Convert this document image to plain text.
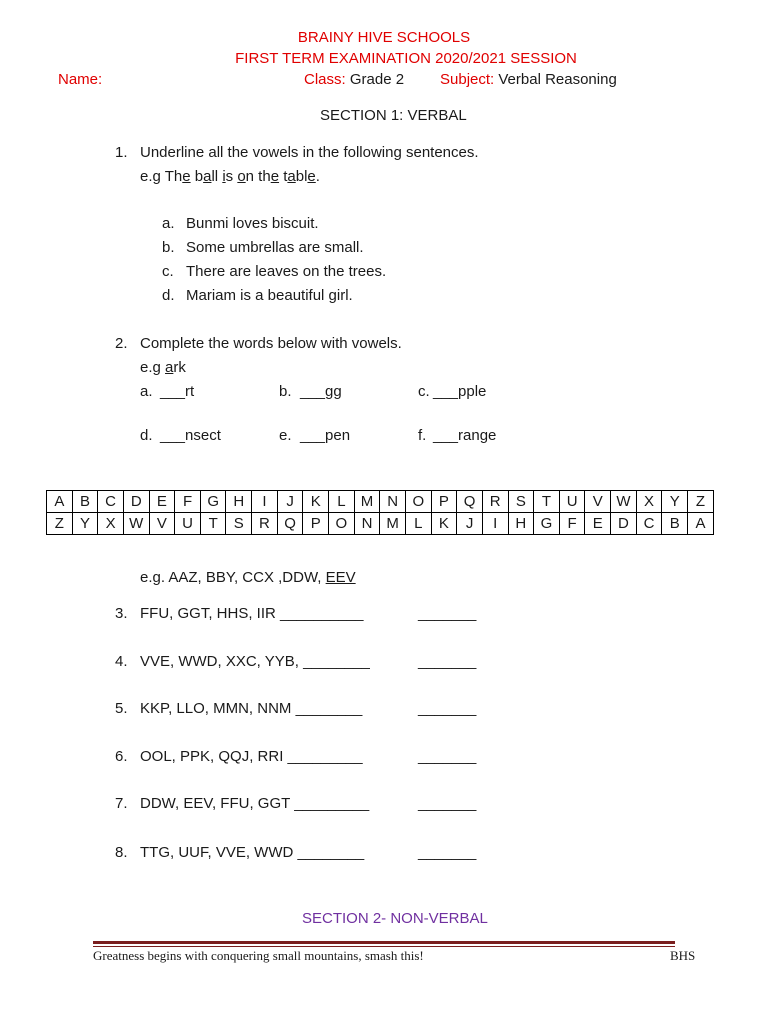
BRAINY HIVE SCHOOLS
FIRST TERM EXAMINATION 2020/2021 SESSION
Name:	Class: Grade 2 Subject: Verbal Reasoning
SECTION 1: VERBAL
1. Underline all the vowels in the following sentences.
e.g The ball is on the table.
a. Bunmi loves biscuit.
b. Some umbrellas are small.
c. There are leaves on the trees.
d. Mariam is a beautiful girl.
2. Complete the words below with vowels.
e.g ark
a. ___rt	b. ___gg	c. ___pple
d. ___nsect	e. ___pen	f. ___range
A	B	C	D	E	F	G	H	I	J	K	L	M	N	O	P	Q	R	S	T	U	V	W	X	Y	Z
Z	Y	X	W	V	U	T	S	R	Q	P	O	N	M	L	K	J	I	H	G	F	E	D	C	B	A
e.g. AAZ, BBY, CCX ,DDW, EEV
3. FFU, GGT, HHS, IIR __________	_______
4. VVE, WWD, XXC, YYB, ________	_______
5. KKP, LLO, MMN, NNM ________	_______
6. OOL, PPK, QQJ, RRI _________	_______
7. DDW, EEV, FFU, GGT _________	_______
8. TTG, UUF, VVE, WWD ________	_______
SECTION 2- NON-VERBAL
Greatness begins with conquering small mountains, smash this!	BHS
